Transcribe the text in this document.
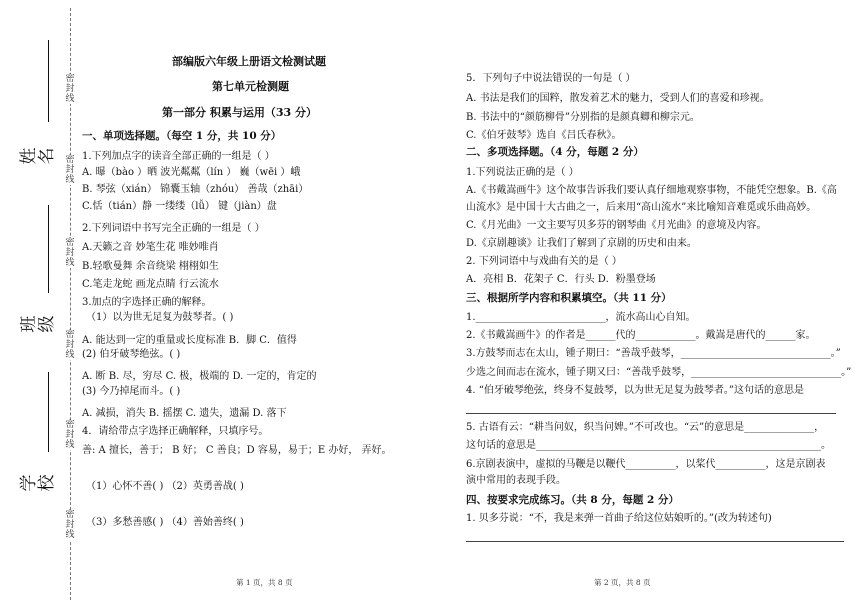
密
封
线
密
封
线
密
封
线
密
封
线
密
封
线
密
封
线
姓名
班级
学校
部编版六年级上册语文检测试题
第七单元检测题
第一部分 积累与运用（33 分）
一、单项选择题。（每空 1 分，共 10 分）
1.下列加点字的读音全部正确的一组是（ ）
A. 曝（bào ）晒 波光粼粼（lín ） 巍（wēi ）峨
B. 琴弦（xián） 锦囊玉轴（zhóu） 善哉（zhāi）
C.恬（tián）静 一缕缕（lǚ） 键（jiàn）盘
2.下列词语中书写完全正确的一组是（ ）
A.天籁之音 妙笔生花 唯妙唯肖
B.轻歌曼舞 余音绕梁 栩栩如生
C.笔走龙蛇 画龙点睛 行云流水
3.加点的字选择正确的解释。
（1）以为世无足复为鼓琴者。( )
A. 能达到一定的重量或长度标准 B．脚 C．值得
(2) 伯牙破琴绝弦。( )
A. 断 B. 尽，穷尽 C. 极，极端的 D. 一定的，肯定的
(3) 今乃掉尾而斗。( )
A. 减损，消失 B. 摇摆 C. 遗失，遗漏 D. 落下
4．请给带点字选择正确解释，只填序号。
善: A 擅长，善于； B 好； C 善良；D 容易，易于；E 办好， 弄好。
（1）心怀不善( ) （2）英勇善战( )
（3）多愁善感( ) （4）善始善终( )
第 1 页，共 8 页
5．下列句子中说法错误的一句是（ ）
A. 书法是我们的国粹，散发着艺术的魅力，受到人们的喜爱和珍视。
B. 书法中的“颜筋柳骨”分别指的是颜真卿和柳宗元。
C.《伯牙鼓琴》选自《吕氏春秋》。
二、多项选择题。（4 分，每题 2 分）
1.下列说法正确的是（ ）
A.《书戴嵩画牛》这个故事告诉我们要认真仔细地观察事物，不能凭空想象。B.《高
山流水》是中国十大古曲之一，后来用“高山流水”来比喻知音难觅或乐曲高妙。
C.《月光曲》一文主要写贝多芬的钢琴曲《月光曲》的意境及内容。
D.《京剧趣谈》让我们了解到了京剧的历史和由来。
2. 下列词语中与戏曲有关的是（ ）
A．亮相 B．花架子 C．行头 D．粉墨登场
三、根据所学内容和积累填空。（共 11 分）
1.__________________________，流水高山心自知。
2.《书戴嵩画牛》的作者是______代的____________。戴嵩是唐代的______家。
3.方鼓琴而志在太山，锺子期曰：“善哉乎鼓琴，______________________________。”
少选之间而志在流水，锺子期又曰：“善哉乎鼓琴，______________________________。”
4. “伯牙破琴绝弦，终身不复鼓琴，以为世无足复为鼓琴者。”这句话的意思是
5. 古语有云：“耕当问奴，织当问婢。”不可改也。“云”的意思是______________，
这句话的意思是_________________________________________________________。
6.京剧表演中，虚拟的马鞭是以鞭代__________，以桨代__________，这是京剧表
演中常用的表现手段。
四、按要求完成练习。（共 8 分，每题 2 分）
1. 贝多芬说：“不，我是来弹一首曲子给这位姑娘听的。”(改为转述句)
第 2 页，共 8 页
